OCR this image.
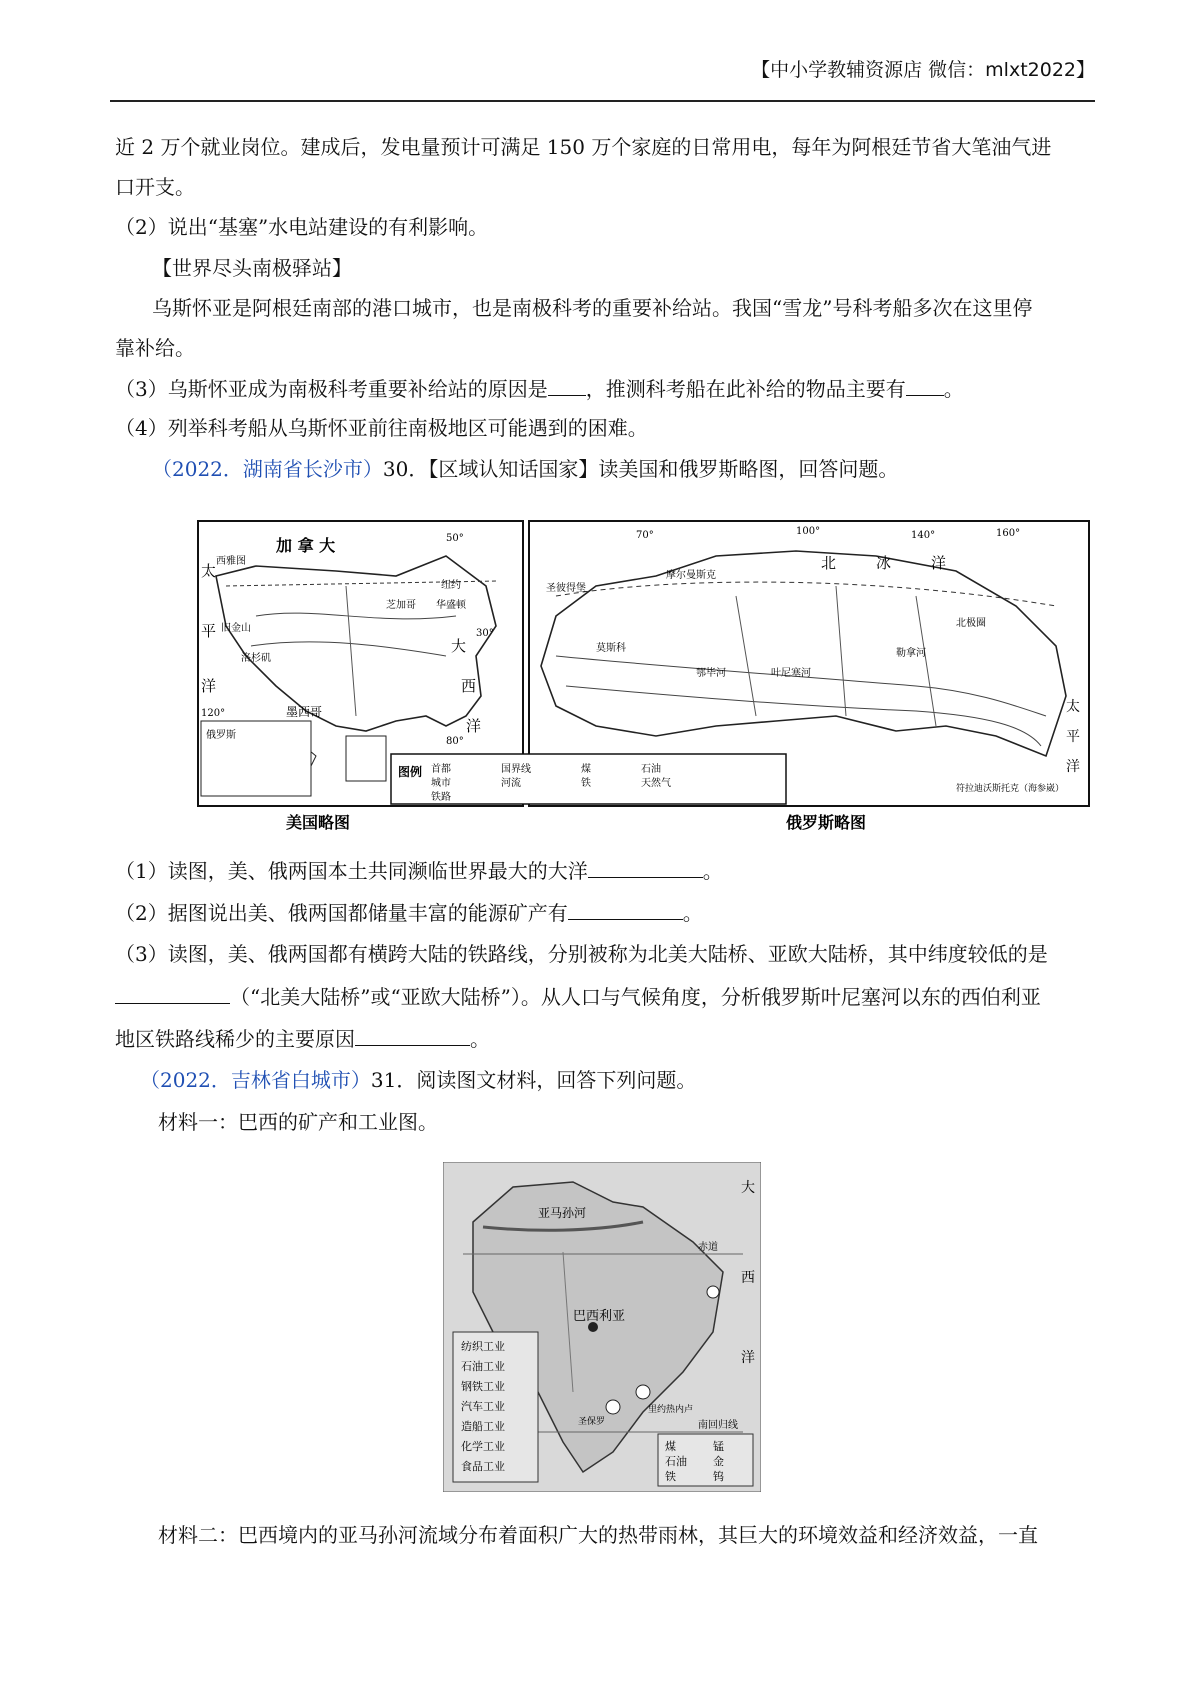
【中小学教辅资源店 微信：mlxt2022】
近 2 万个就业岗位。建成后，发电量预计可满足 150 万个家庭的日常用电，每年为阿根廷节省大笔油气进
口开支。
（2）说出“基塞”水电站建设的有利影响。
【世界尽头南极驿站】
乌斯怀亚是阿根廷南部的港口城市，也是南极科考的重要补给站。我国“雪龙”号科考船多次在这里停
靠补给。
（3）乌斯怀亚成为南极科考重要补给站的原因是 ，推测科考船在此补给的物品主要有 。
（4）列举科考船从乌斯怀亚前往南极地区可能遇到的困难。
（2022．湖南省长沙市）30．【区域认知话国家】读美国和俄罗斯略图，回答问题。
加 拿 大
太
平
洋
大
西
洋
墨西哥
西雅图
旧金山
洛杉矶
芝加哥
纽约
华盛顿
俄罗斯
50°
30°
80°
120°
北	冰	洋
太
平
洋
摩尔曼斯克
圣彼得堡
莫斯科
叶尼塞河
勒拿河
鄂毕河
符拉迪沃斯托克（海参崴）
北极圈
70°	100°	140°	160°
图例 首都
城市
铁路
国界线
河流
煤
铁
石油
天然气
美国略图	俄罗斯略图
（1）读图，美、俄两国本土共同濒临世界最大的大洋	。
（2）据图说出美、俄两国都储量丰富的能源矿产有	。
（3）读图，美、俄两国都有横跨大陆的铁路线，分别被称为北美大陆桥、亚欧大陆桥，其中纬度较低的是
（“北美大陆桥”或“亚欧大陆桥”）。从人口与气候角度，分析俄罗斯叶尼塞河以东的西伯利亚
地区铁路线稀少的主要原因	。
（2022．吉林省白城市）31．阅读图文材料，回答下列问题。
材料一：巴西的矿产和工业图。
亚马孙河
巴西利亚
大
西
洋
赤道
南回归线
圣保罗
里约热内卢
纺织工业
石油工业
钢铁工业
汽车工业
造船工业
化学工业
食品工业
煤	锰
石油 金
铁	钨
材料二：巴西境内的亚马孙河流域分布着面积广大的热带雨林，其巨大的环境效益和经济效益，一直
